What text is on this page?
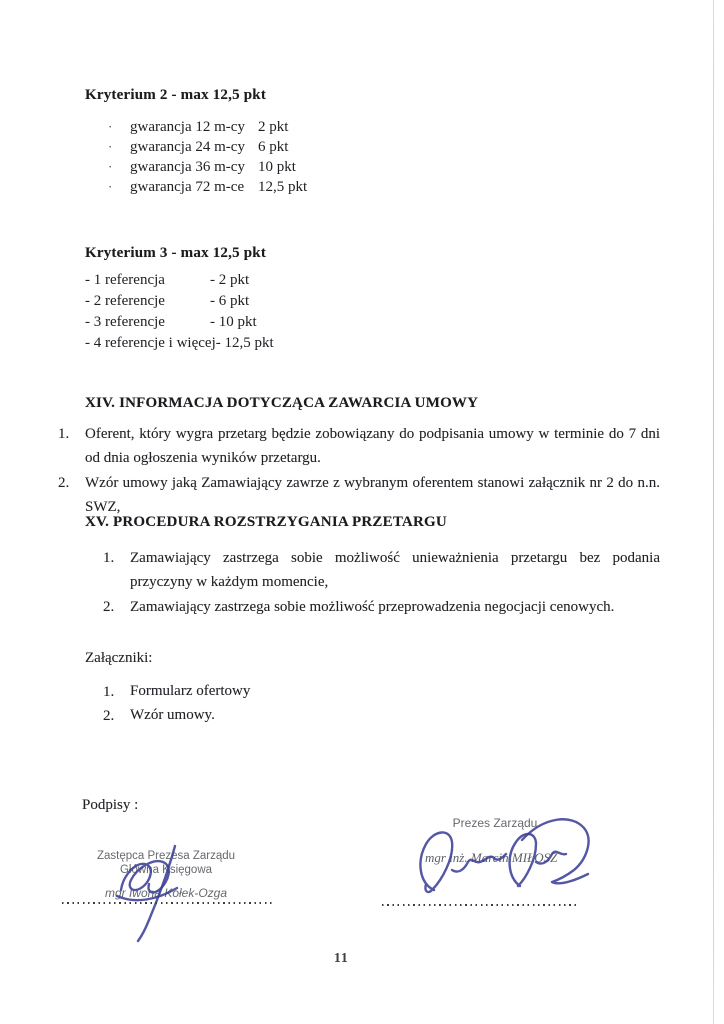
Kryterium 2 - max 12,5 pkt
·	gwarancja 12 m-cy 2 pkt
·	gwarancja 24 m-cy 6 pkt
·	gwarancja 36 m-cy 10 pkt
·	gwarancja 72 m-ce 12,5 pkt
Kryterium 3 - max 12,5 pkt
- 1 referencja	- 2 pkt
- 2 referencje	- 6 pkt
- 3 referencje	- 10 pkt
- 4 referencje i więcej - 12,5 pkt
XIV. INFORMACJA DOTYCZĄCA ZAWARCIA UMOWY
1.	Oferent, który wygra przetarg będzie zobowiązany do podpisania umowy w terminie do 7 dni od dnia ogłoszenia wyników przetargu.

2.	Wzór umowy jaką Zamawiający zawrze z wybranym oferentem stanowi załącznik nr 2 do n.n. SWZ,

XV. PROCEDURA ROZSTRZYGANIA PRZETARGU
1.	Zamawiający zastrzega sobie możliwość unieważnienia przetargu bez podania przyczyny w każdym momencie,

2.	Zamawiający zastrzega sobie możliwość przeprowadzenia negocjacji cenowych.

Załączniki:
1.	Formularz ofertowy

2.	Wzór umowy.

Podpisy :
Zastępca Prezesa Zarządu
Główna Księgowa
mgr Iwona Kołek-Ozga
Prezes Zarządu
mgr inż. Marcin MIŁOSZ
11
